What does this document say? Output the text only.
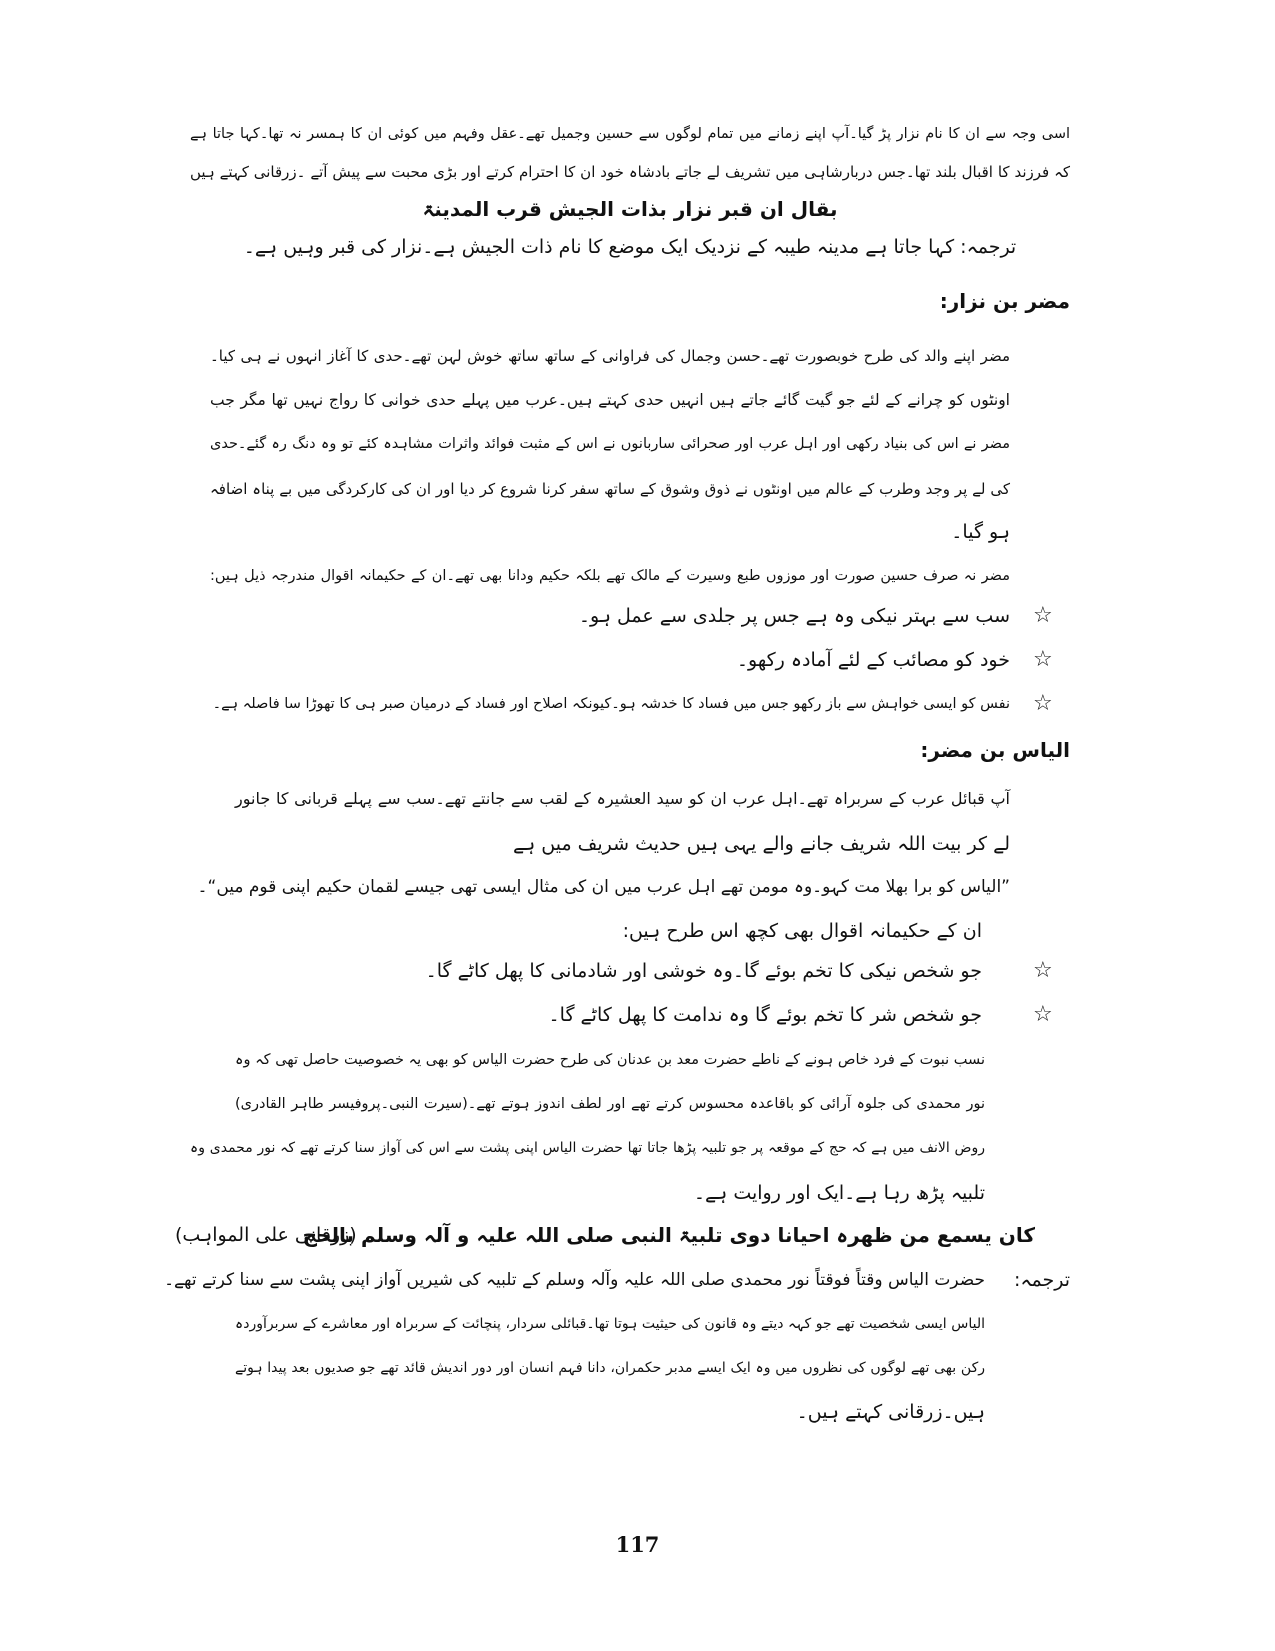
اسی وجہ سے ان کا نام نزار پڑ گیا۔آپ اپنے زمانے میں تمام لوگوں سے حسین وجمیل تھے۔عقل وفہم میں کوئی ان کا ہمسر نہ تھا۔کہا جاتا ہے
کہ فرزند کا اقبال بلند تھا۔جس دربارشاہی میں تشریف لے جاتے بادشاہ خود ان کا احترام کرتے اور بڑی محبت سے پیش آتے ۔زرقانی کہتے ہیں
بقال ان قبر نزار بذات الجیش قرب المدینۃ
ترجمہ: کہا جاتا ہے مدینہ طیبہ کے نزدیک ایک موضع کا نام ذات الجیش ہے۔نزار کی قبر وہیں ہے۔
مضر بن نزار:
مضر اپنے والد کی طرح خوبصورت تھے۔حسن وجمال کی فراوانی کے ساتھ ساتھ خوش لہن تھے۔حدی کا آغاز انہوں نے ہی کیا۔
اونٹوں کو چرانے کے لئے جو گیت گائے جاتے ہیں انہیں حدی کہتے ہیں۔عرب میں پہلے حدی خوانی کا رواج نہیں تھا مگر جب
مضر نے اس کی بنیاد رکھی اور اہل عرب اور صحرائی ساربانوں نے اس کے مثبت فوائد واثرات مشاہدہ کئے تو وہ دنگ رہ گئے۔حدی
کی لے پر وجد وطرب کے عالم میں اونٹوں نے ذوق وشوق کے ساتھ سفر کرنا شروع کر دیا اور ان کی کارکردگی میں بے پناہ اضافہ
ہو گیا۔
مضر نہ صرف حسین صورت اور موزوں طبع وسیرت کے مالک تھے بلکہ حکیم ودانا بھی تھے۔ان کے حکیمانہ اقوال مندرجہ ذیل ہیں:
☆
سب سے بہتر نیکی وہ ہے جس پر جلدی سے عمل ہو۔
☆
خود کو مصائب کے لئے آمادہ رکھو۔
☆
نفس کو ایسی خواہش سے باز رکھو جس میں فساد کا خدشہ ہو۔کیونکہ اصلاح اور فساد کے درمیان صبر ہی کا تھوڑا سا فاصلہ ہے۔
الیاس بن مضر:
آپ قبائل عرب کے سربراہ تھے۔اہل عرب ان کو سید العشیرہ کے لقب سے جانتے تھے۔سب سے پہلے قربانی کا جانور
لے کر بیت اللہ شریف جانے والے یہی ہیں حدیث شریف میں ہے
”الیاس کو برا بھلا مت کہو۔وہ مومن تھے اہل عرب میں ان کی مثال ایسی تھی جیسے لقمان حکیم اپنی قوم میں“۔
ان کے حکیمانہ اقوال بھی کچھ اس طرح ہیں:
☆
جو شخص نیکی کا تخم بوئے گا۔وہ خوشی اور شادمانی کا پھل کاٹے گا۔
☆
جو شخص شر کا تخم بوئے گا وہ ندامت کا پھل کاٹے گا۔
نسب نبوت کے فرد خاص ہونے کے ناطے حضرت معد بن عدنان کی طرح حضرت الیاس کو بھی یہ خصوصیت حاصل تھی کہ وہ
نور محمدی کی جلوہ آرائی کو باقاعدہ محسوس کرتے تھے اور لطف اندوز ہوتے تھے۔(سیرت النبی۔پروفیسر طاہر القادری)
روض الانف میں ہے کہ حج کے موقعہ پر جو تلبیہ پڑھا جاتا تھا حضرت الیاس اپنی پشت سے اس کی آواز سنا کرتے تھے کہ نور محمدی وہ
تلبیہ پڑھ رہا ہے۔ایک اور روایت ہے۔
کان یسمع من ظھرہ احیانا دوی تلبیۃ النبی صلی اللہ علیہ و آلہ وسلم بالحج
(زرقانی علی المواہب)
ترجمہ:
حضرت الیاس وقتاً فوقتاً نور محمدی صلی اللہ علیہ وآلہ وسلم کے تلبیہ کی شیریں آواز اپنی پشت سے سنا کرتے تھے۔
الیاس ایسی شخصیت تھے جو کہہ دیتے وہ قانون کی حیثیت ہوتا تھا۔قبائلی سردار، پنچائت کے سربراہ اور معاشرے کے سربرآوردہ
رکن بھی تھے لوگوں کی نظروں میں وہ ایک ایسے مدبر حکمران، دانا فہم انسان اور دور اندیش قائد تھے جو صدیوں بعد پیدا ہوتے
ہیں۔زرقانی کہتے ہیں۔
117
